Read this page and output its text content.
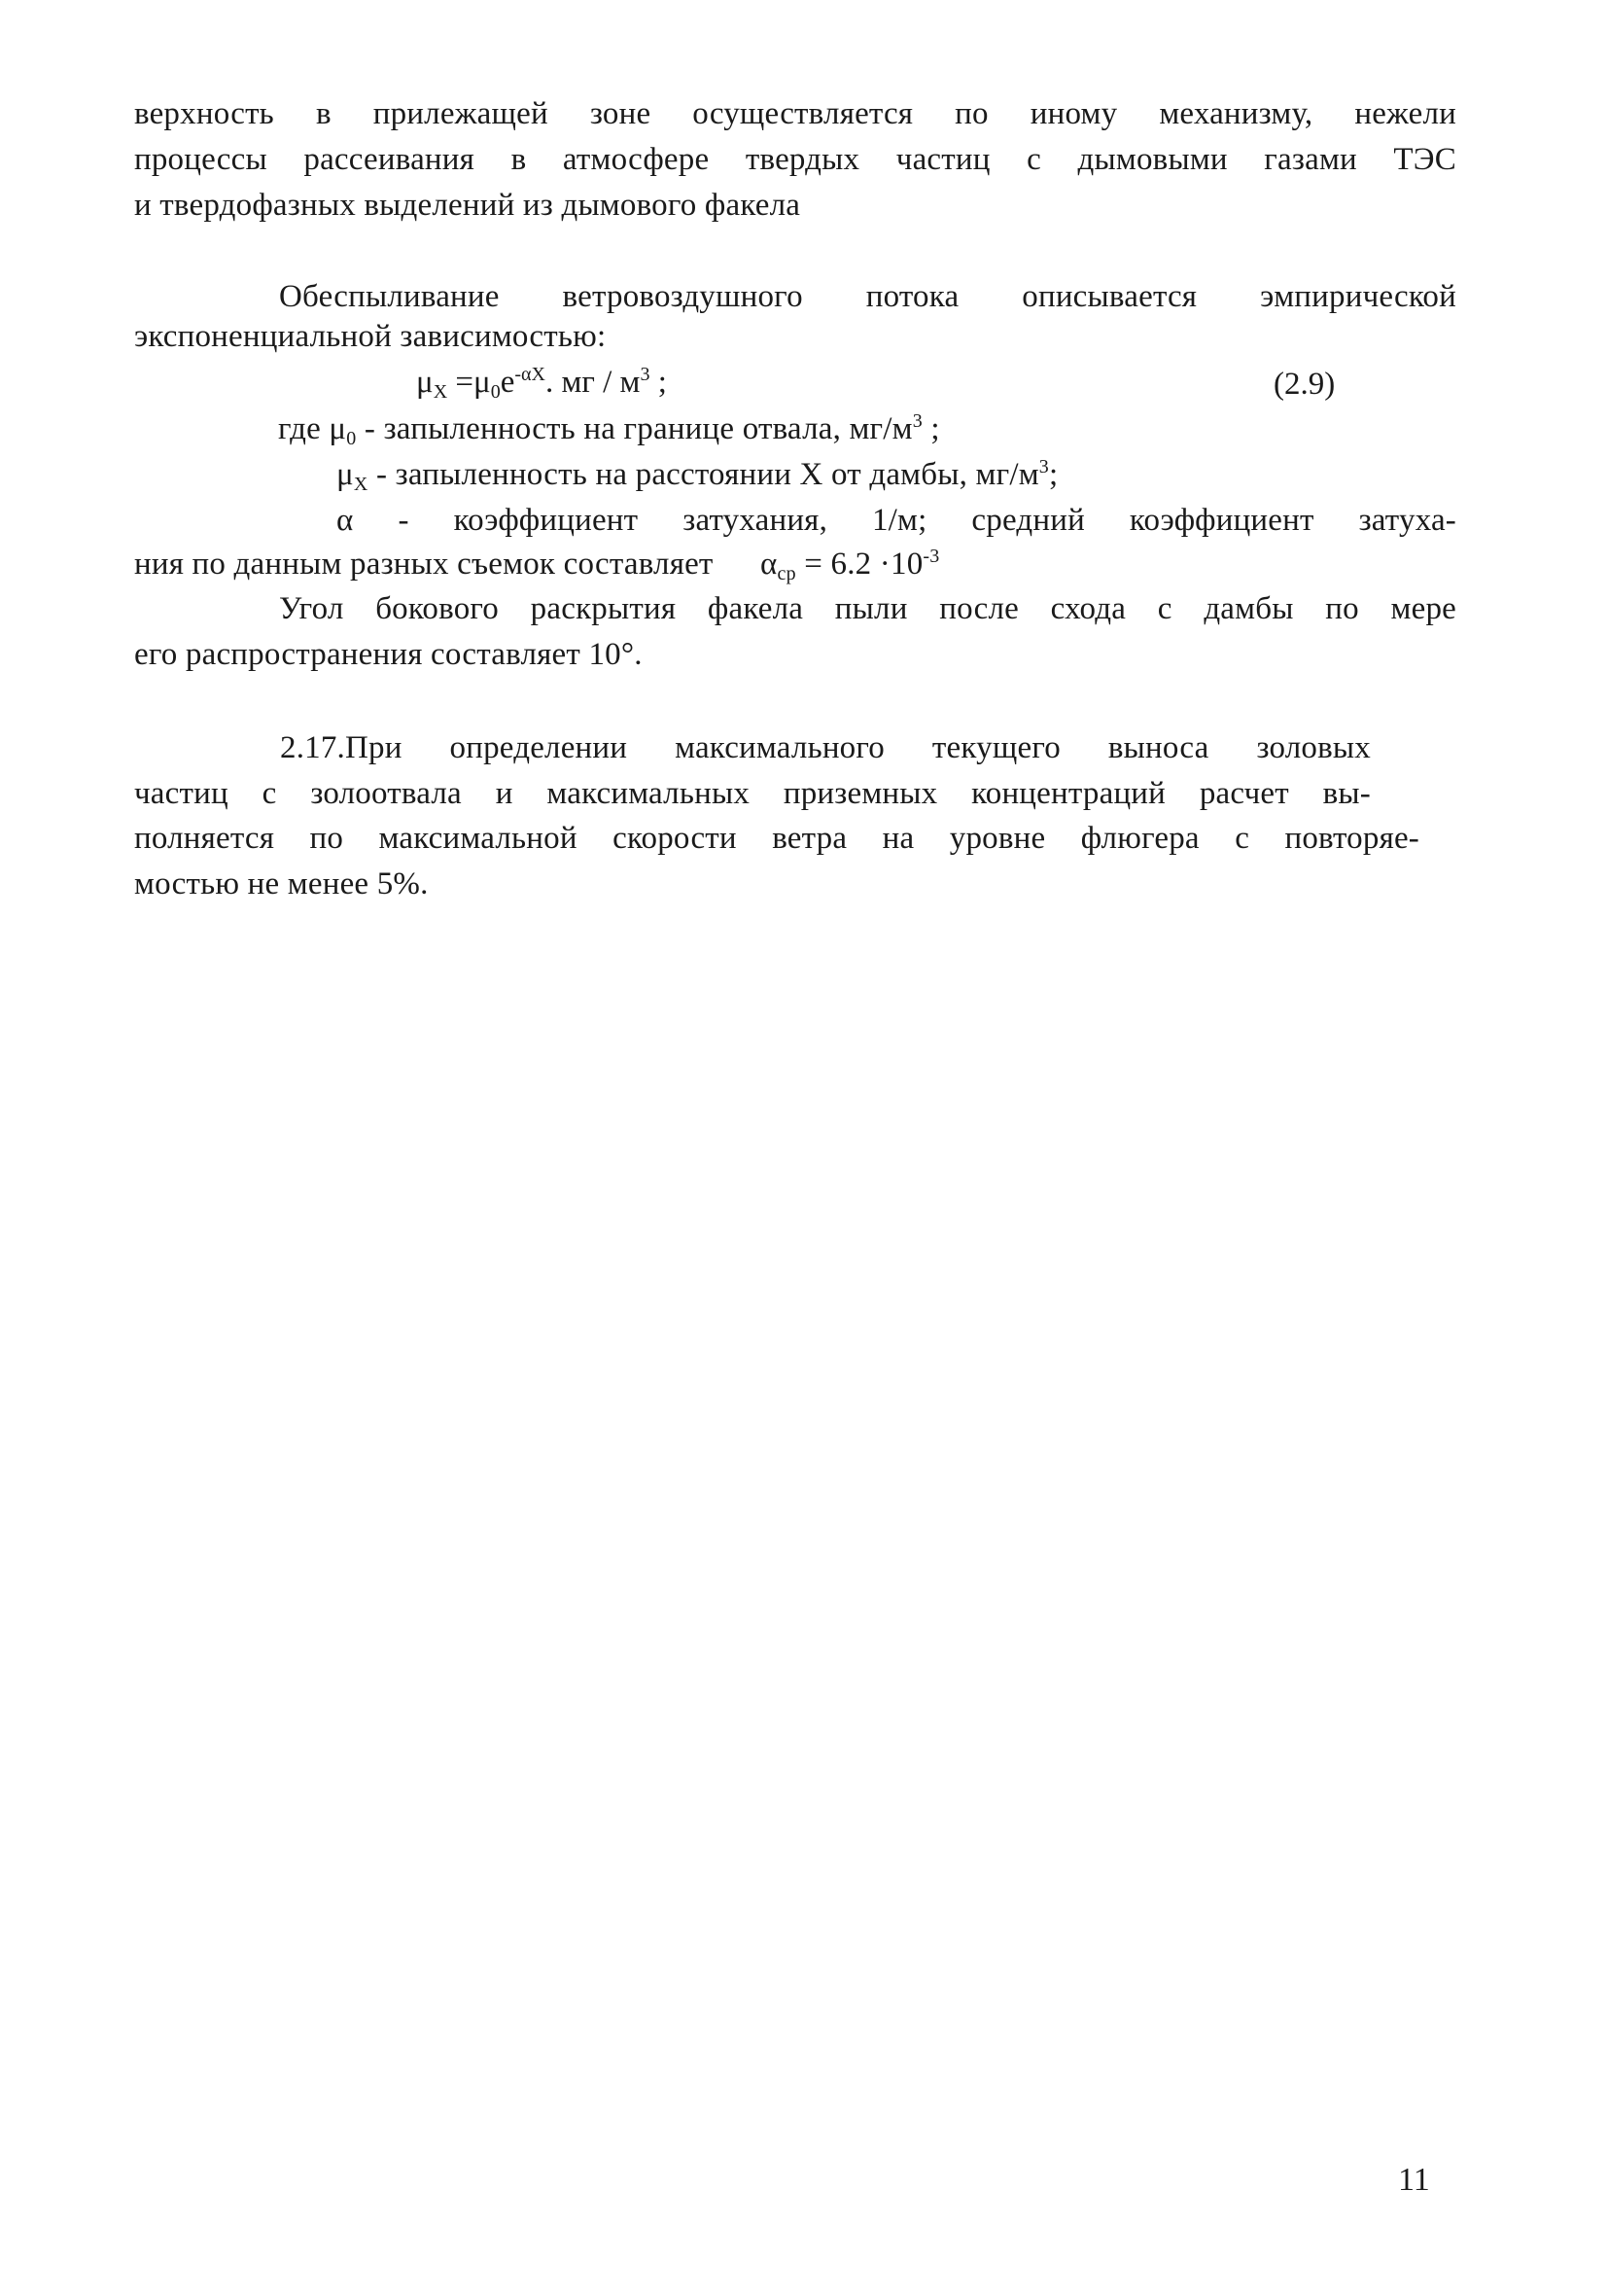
верхность в прилежащей зоне осуществляется по иному механизму, нежели
процессы рассеивания в атмосфере твердых частиц с дымовыми газами ТЭС
и твердофазных выделений из дымового факела
Обеспыливание ветровоздушного потока описывается эмпирической
экспоненциальной зависимостью:
$\mu_X =\mu_0e^{-\alpha X}$. мг / $м^3$ ;	(2.9)
где $\mu_0$ - запыленность на границе отвала, $мг/м^3$ ;
$\mu_X$ - запыленность на расстоянии X от дамбы, $мг/м^3$;
α - коэффициент затухания, 1/м; средний коэффициент затуха-
ния по данным разных съемок составляет $\alpha_{ср} = 6.2 \cdot 10^{-3}$
Угол бокового раскрытия факела пыли после схода с дамбы по мере
его распространения составляет 10°.
2.17.При определении максимального текущего выноса золовых
частиц с золоотвала и максимальных приземных концентраций расчет вы-
полняется по максимальной скорости ветра на уровне флюгера с повторяе-
мостью не менее 5%.
11
